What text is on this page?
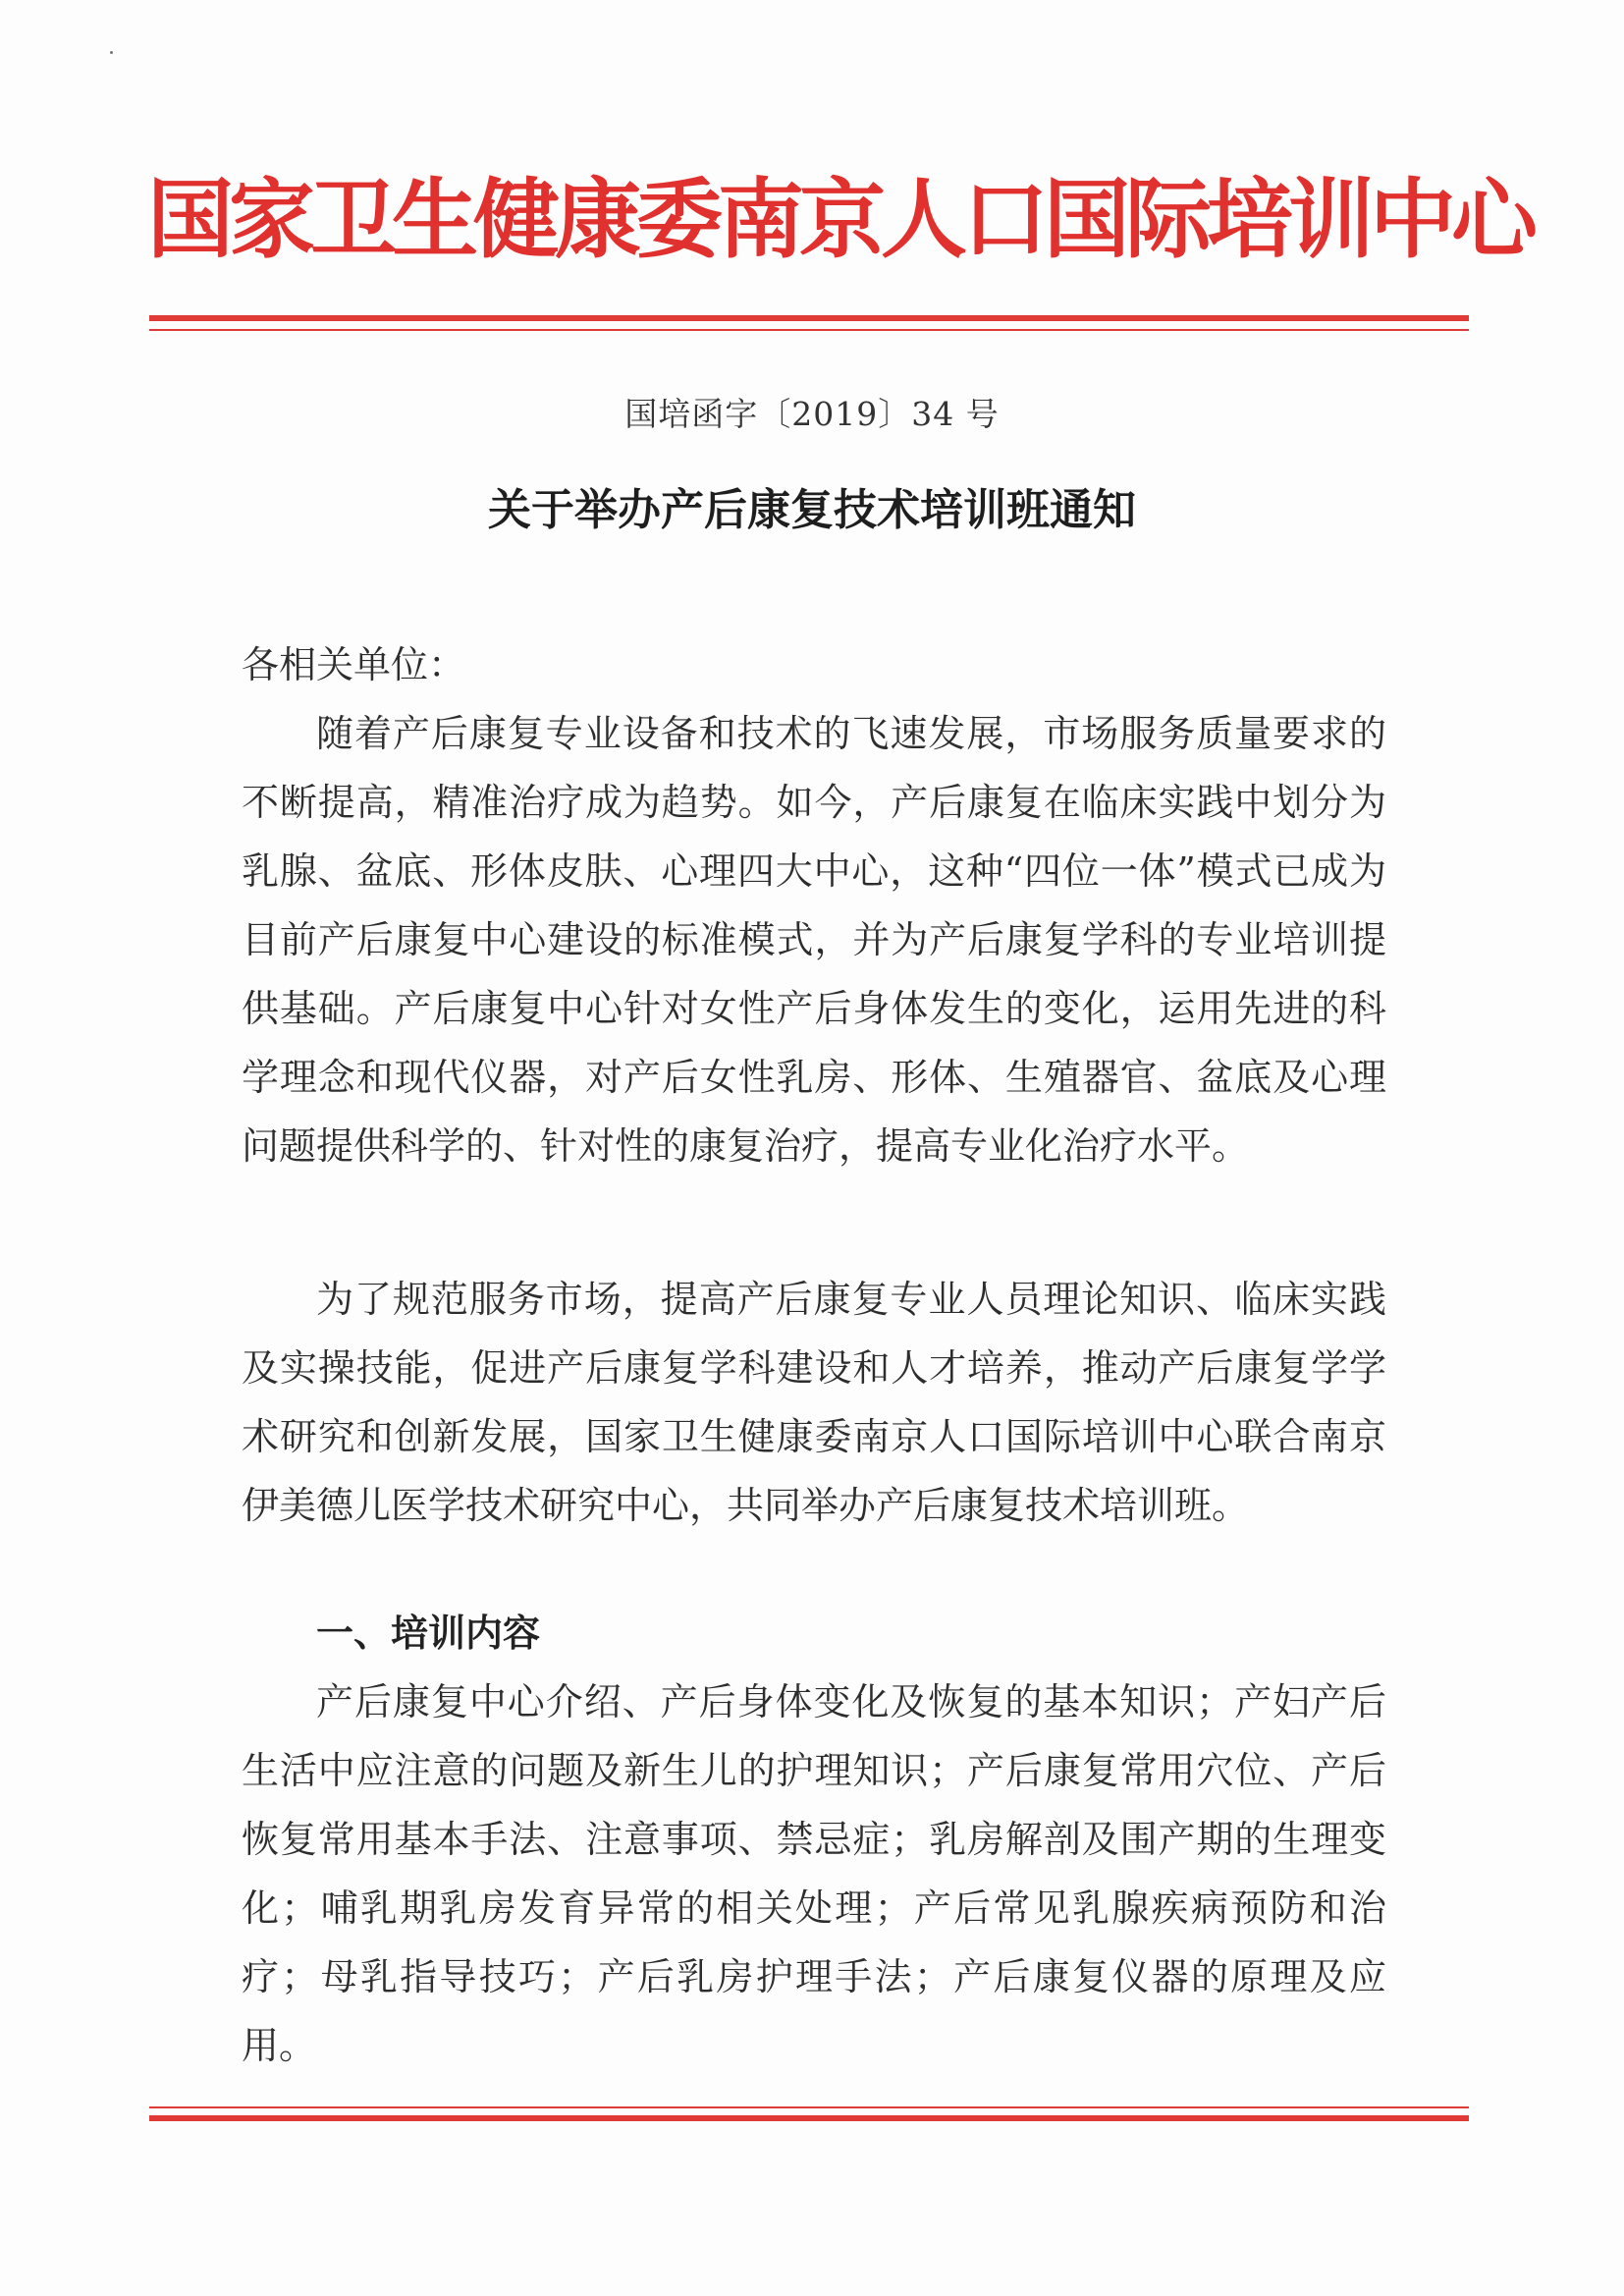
国家卫生健康委南京人口国际培训中心
国培函字〔2019〕34 号
关于举办产后康复技术培训班通知
各相关单位：
随着产后康复专业设备和技术的飞速发展，市场服务质量要求的不断提高，精准治疗成为趋势。如今，产后康复在临床实践中划分为乳腺、盆底、形体皮肤、心理四大中心，这种“四位一体”模式已成为目前产后康复中心建设的标准模式，并为产后康复学科的专业培训提供基础。产后康复中心针对女性产后身体发生的变化，运用先进的科学理念和现代仪器，对产后女性乳房、形体、生殖器官、盆底及心理问题提供科学的、针对性的康复治疗，提高专业化治疗水平。
为了规范服务市场，提高产后康复专业人员理论知识、临床实践及实操技能，促进产后康复学科建设和人才培养，推动产后康复学学术研究和创新发展，国家卫生健康委南京人口国际培训中心联合南京伊美德儿医学技术研究中心，共同举办产后康复技术培训班。
一、培训内容
产后康复中心介绍、产后身体变化及恢复的基本知识；产妇产后生活中应注意的问题及新生儿的护理知识；产后康复常用穴位、产后恢复常用基本手法、注意事项、禁忌症；乳房解剖及围产期的生理变化；哺乳期乳房发育异常的相关处理；产后常见乳腺疾病预防和治疗；母乳指导技巧；产后乳房护理手法；产后康复仪器的原理及应用。
